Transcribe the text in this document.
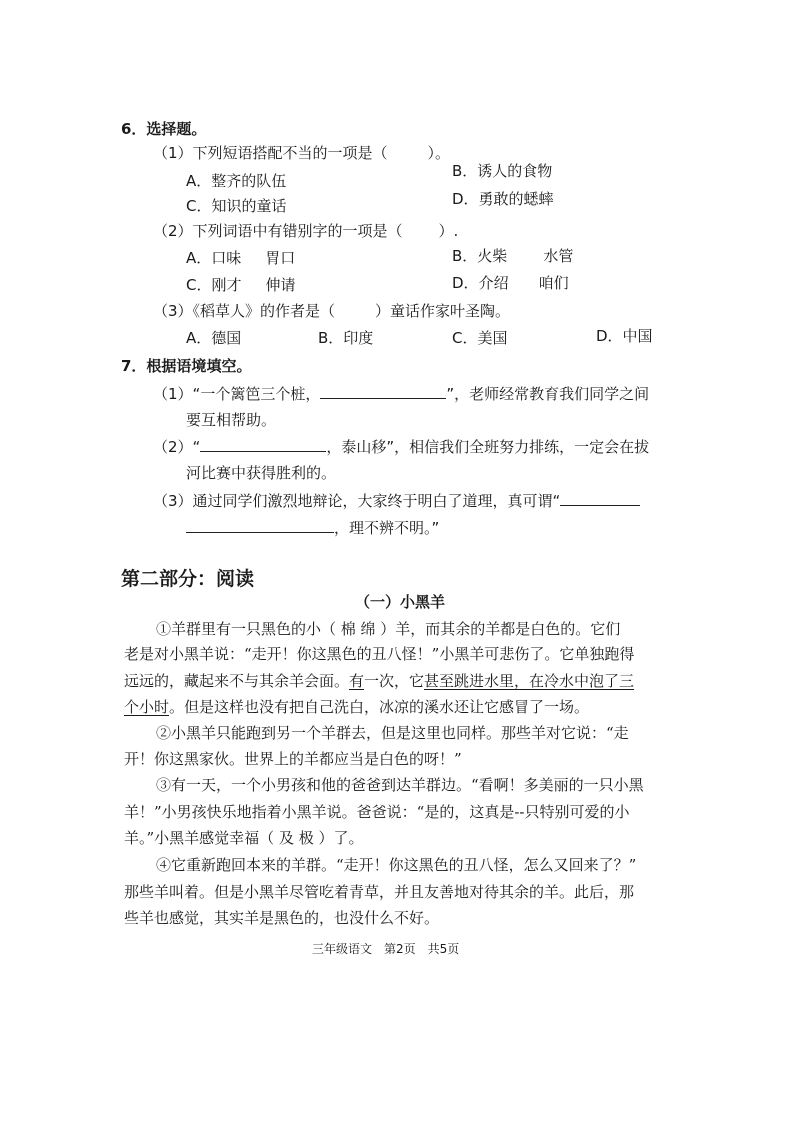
6．选择题。
（1）下列短语搭配不当的一项是（	）。
A．整齐的队伍
B．诱人的食物
C．知识的童话	D．勇敢的蟋蟀
（2）下列词语中有错别字的一项是（ ）.
A．口味 胃口	B．火柴 水管
C．刚才 伸请	D．介绍 咱们
（3）《稻草人》的作者是（	）童话作家叶圣陶。
A．德国	B．印度	C．美国	D．中国
7．根据语境填空。
（1）“一个篱笆三个桩，	”，老师经常教育我们同学之间
要互相帮助。
（2）“	，泰山移”，相信我们全班努力排练，一定会在拔
河比赛中获得胜利的。
（3）通过同学们激烈地辩论，大家终于明白了道理，真可谓“
，理不辨不明。”
第二部分：阅读
（一）小黑羊
①羊群里有一只黑色的小（ 棉 绵 ）羊，而其余的羊都是白色的。它们
老是对小黑羊说：“走开！你这黑色的丑八怪！”小黑羊可悲伤了。它单独跑得
远远的，藏起来不与其余羊会面。有一次，它甚至跳进水里，在冷水中泡了三
个小时。但是这样也没有把自己洗白，冰凉的溪水还让它感冒了一场。
②小黑羊只能跑到另一个羊群去，但是这里也同样。那些羊对它说：“走
开！你这黑家伙。世界上的羊都应当是白色的呀！”
③有一天，一个小男孩和他的爸爸到达羊群边。“看啊！多美丽的一只小黑
羊！”小男孩快乐地指着小黑羊说。爸爸说：“是的，这真是--只特别可爱的小
羊。”小黑羊感觉幸福（ 及 极 ）了。
④它重新跑回本来的羊群。“走开！你这黑色的丑八怪，怎么又回来了？”
那些羊叫着。但是小黑羊尽管吃着青草，并且友善地对待其余的羊。此后，那
些羊也感觉，其实羊是黑色的，也没什么不好。
三年级语文　第2页　共5页
